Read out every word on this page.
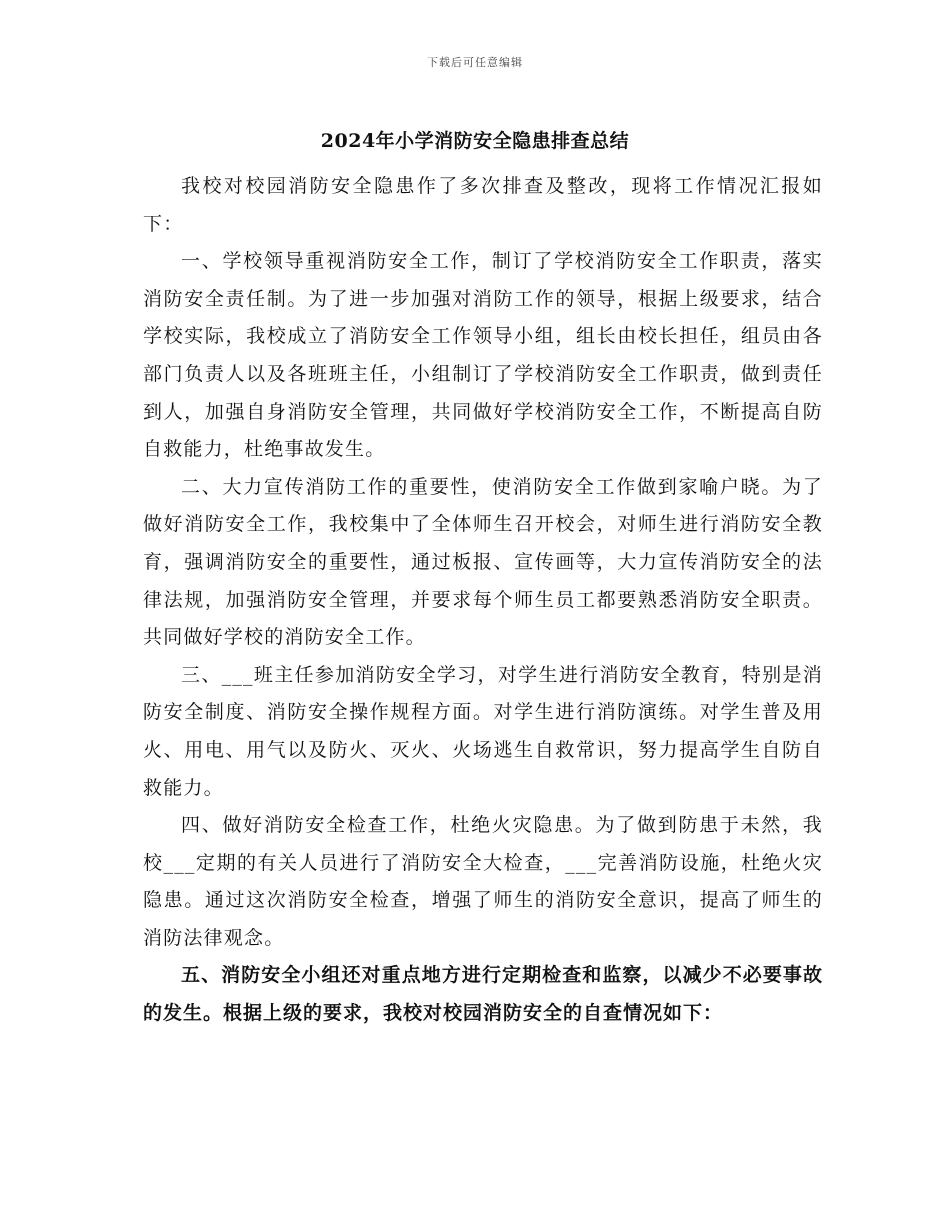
下载后可任意编辑
2024年小学消防安全隐患排查总结

我校对校园消防安全隐患作了多次排查及整改，现将工作情况汇报如下：

一、学校领导重视消防安全工作，制订了学校消防安全工作职责，落实消防安全责任制。为了进一步加强对消防工作的领导，根据上级要求，结合学校实际，我校成立了消防安全工作领导小组，组长由校长担任，组员由各部门负责人以及各班班主任，小组制订了学校消防安全工作职责，做到责任到人，加强自身消防安全管理，共同做好学校消防安全工作，不断提高自防自救能力，杜绝事故发生。

二、大力宣传消防工作的重要性，使消防安全工作做到家喻户晓。为了做好消防安全工作，我校集中了全体师生召开校会，对师生进行消防安全教育，强调消防安全的重要性，通过板报、宣传画等，大力宣传消防安全的法律法规，加强消防安全管理，并要求每个师生员工都要熟悉消防安全职责。共同做好学校的消防安全工作。

三、___班主任参加消防安全学习，对学生进行消防安全教育，特别是消防安全制度、消防安全操作规程方面。对学生进行消防演练。对学生普及用火、用电、用气以及防火、灭火、火场逃生自救常识，努力提高学生自防自救能力。

四、做好消防安全检查工作，杜绝火灾隐患。为了做到防患于未然，我校___定期的有关人员进行了消防安全大检查，___完善消防设施，杜绝火灾隐患。通过这次消防安全检查，增强了师生的消防安全意识，提高了师生的消防法律观念。

五、消防安全小组还对重点地方进行定期检查和监察，以减少不必要事故的发生。根据上级的要求，我校对校园消防安全的自查情况如下：
